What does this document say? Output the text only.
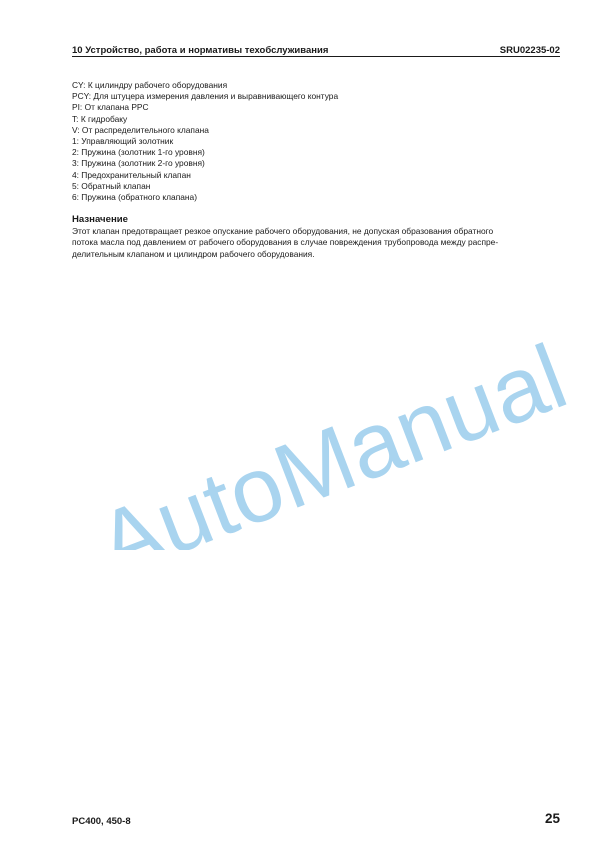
10 Устройство, работа и нормативы техобслуживания	SRU02235-02
CY: К цилиндру рабочего оборудования
PCY: Для штуцера измерения давления и выравнивающего контура
PI: От клапана PPC
T: К гидробаку
V: От распределительного клапана
1: Управляющий золотник
2: Пружина (золотник 1-го уровня)
3: Пружина (золотник 2-го уровня)
4: Предохранительный клапан
5: Обратный клапан
6: Пружина (обратного клапана)
Назначение
Этот клапан предотвращает резкое опускание рабочего оборудования, не допуская образования обратного
потока масла под давлением от рабочего оборудования в случае повреждения трубопровода между распре-
делительным клапаном и цилиндром рабочего оборудования.
AutoManual
PC400, 450-8	25
